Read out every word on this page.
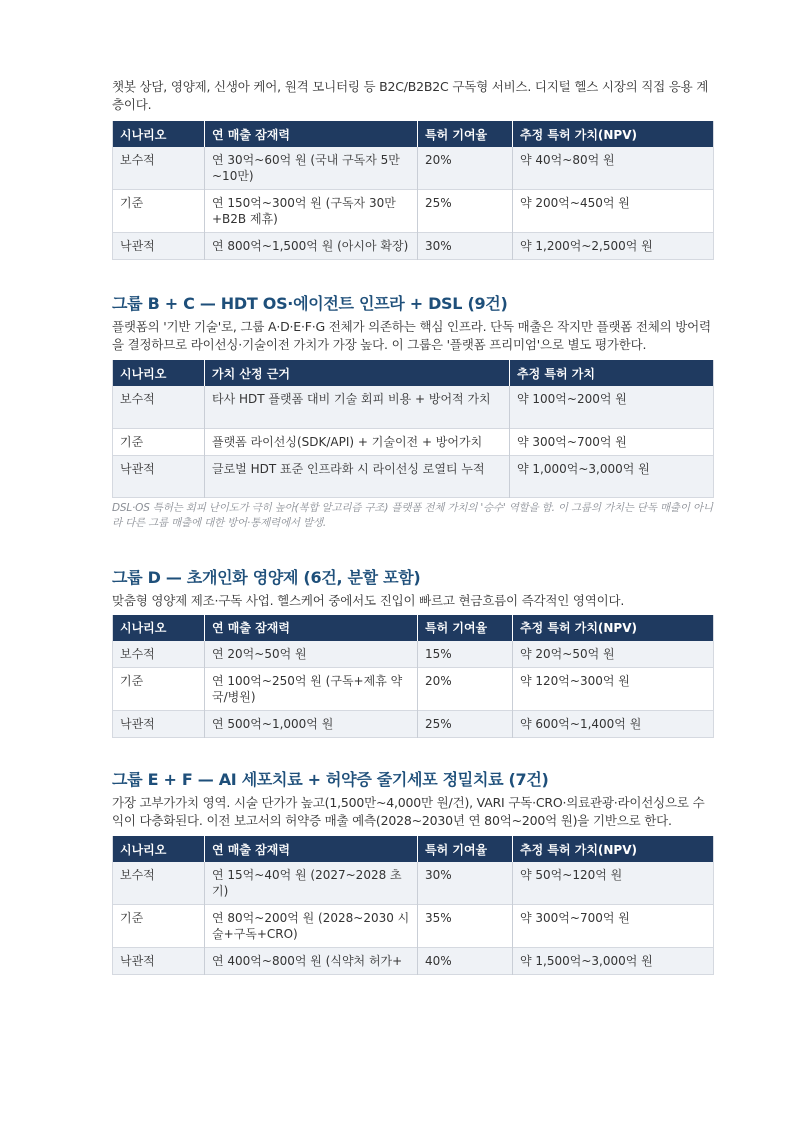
챗봇 상담, 영양제, 신생아 케어, 원격 모니터링 등 B2C/B2B2C 구독형 서비스. 디지털 헬스 시장의 직접 응용 계층이다.

시나리오	연 매출 잠재력	특허 기여율	추정 특허 가치(NPV)
보수적	연 30억~60억 원 (국내 구독자 5만 ~10만)	20%	약 40억~80억 원
기준	연 150억~300억 원 (구독자 30만 +B2B 제휴)	25%	약 200억~450억 원
낙관적	연 800억~1,500억 원 (아시아 확장)	30%	약 1,200억~2,500억 원
그룹 B + C — HDT OS·에이전트 인프라 + DSL (9건)

플랫폼의 '기반 기술'로, 그룹 A·D·E·F·G 전체가 의존하는 핵심 인프라. 단독 매출은 작지만 플랫폼 전체의 방어력을 결정하므로 라이선싱·기술이전 가치가 가장 높다. 이 그룹은 '플랫폼 프리미엄'으로 별도 평가한다.

시나리오	가치 산정 근거	추정 특허 가치
보수적	타사 HDT 플랫폼 대비 기술 회피 비용 + 방어적 가치	약 100억~200억 원
기준	플랫폼 라이선싱(SDK/API) + 기술이전 + 방어가치	약 300억~700억 원
낙관적	글로벌 HDT 표준 인프라화 시 라이선싱 로열티 누적	약 1,000억~3,000억 원

DSL·OS 특허는 회피 난이도가 극히 높아(복합 알고리즘 구조) 플랫폼 전체 가치의 '승수' 역할을 함. 이 그룹의 가치는 단독 매출이 아니라 다른 그룹 매출에 대한 방어·통제력에서 발생.

그룹 D — 초개인화 영양제 (6건, 분할 포함)

맞춤형 영양제 제조·구독 사업. 헬스케어 중에서도 진입이 빠르고 현금흐름이 즉각적인 영역이다.

시나리오	연 매출 잠재력	특허 기여율	추정 특허 가치(NPV)
보수적	연 20억~50억 원	15%	약 20억~50억 원
기준	연 100억~250억 원 (구독+제휴 약국/병원)	20%	약 120억~300억 원
낙관적	연 500억~1,000억 원	25%	약 600억~1,400억 원
그룹 E + F — AI 세포치료 + 허약증 줄기세포 정밀치료 (7건)

가장 고부가가치 영역. 시술 단가가 높고(1,500만~4,000만 원/건), VARI 구독·CRO·의료관광·라이선싱으로 수익이 다층화된다. 이전 보고서의 허약증 매출 예측(2028~2030년 연 80억~200억 원)을 기반으로 한다.

시나리오	연 매출 잠재력	특허 기여율	추정 특허 가치(NPV)
보수적	연 15억~40억 원 (2027~2028 초기)	30%	약 50억~120억 원
기준	연 80억~200억 원 (2028~2030 시술+구독+CRO)	35%	약 300억~700억 원
낙관적	연 400억~800억 원 (식약처 허가+	40%	약 1,500억~3,000억 원
